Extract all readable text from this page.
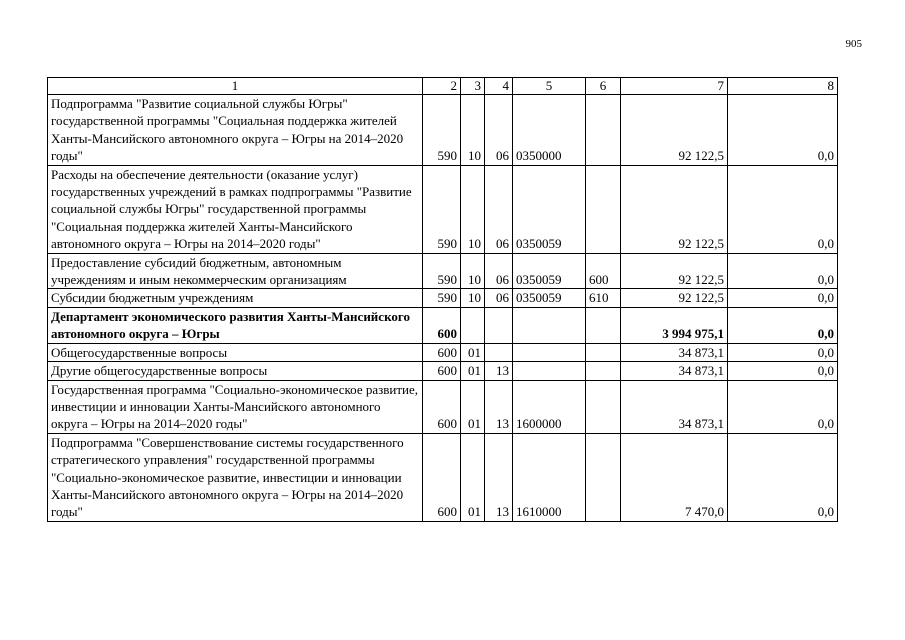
905
1	2	3	4	5	6	7	8
Подпрограмма "Развитие социальной службы Югры" государственной программы "Социальная поддержка жителей Ханты-Мансийского автономного округа – Югры на 2014–2020 годы"	590	10	06	0350000		92 122,5	0,0
Расходы на обеспечение деятельности (оказание услуг) государственных учреждений в рамках подпрограммы "Развитие социальной службы Югры" государственной программы "Социальная поддержка жителей Ханты-Мансийского автономного округа – Югры на 2014–2020 годы"	590	10	06	0350059		92 122,5	0,0
Предоставление субсидий бюджетным, автономным учреждениям и иным некоммерческим организациям	590	10	06	0350059	600	92 122,5	0,0
Субсидии бюджетным учреждениям	590	10	06	0350059	610	92 122,5	0,0
Департамент экономического развития Ханты-Мансийского автономного округа – Югры	600					3 994 975,1	0,0
Общегосударственные вопросы	600	01				34 873,1	0,0
Другие общегосударственные вопросы	600	01	13			34 873,1	0,0
Государственная программа "Социально-экономическое развитие, инвестиции и инновации Ханты-Мансийского автономного округа – Югры на 2014–2020 годы"	600	01	13	1600000		34 873,1	0,0
Подпрограмма "Совершенствование системы государственного стратегического управления" государственной программы "Социально-экономическое развитие, инвестиции и инновации Ханты-Мансийского автономного округа – Югры на 2014–2020 годы"	600	01	13	1610000		7 470,0	0,0
